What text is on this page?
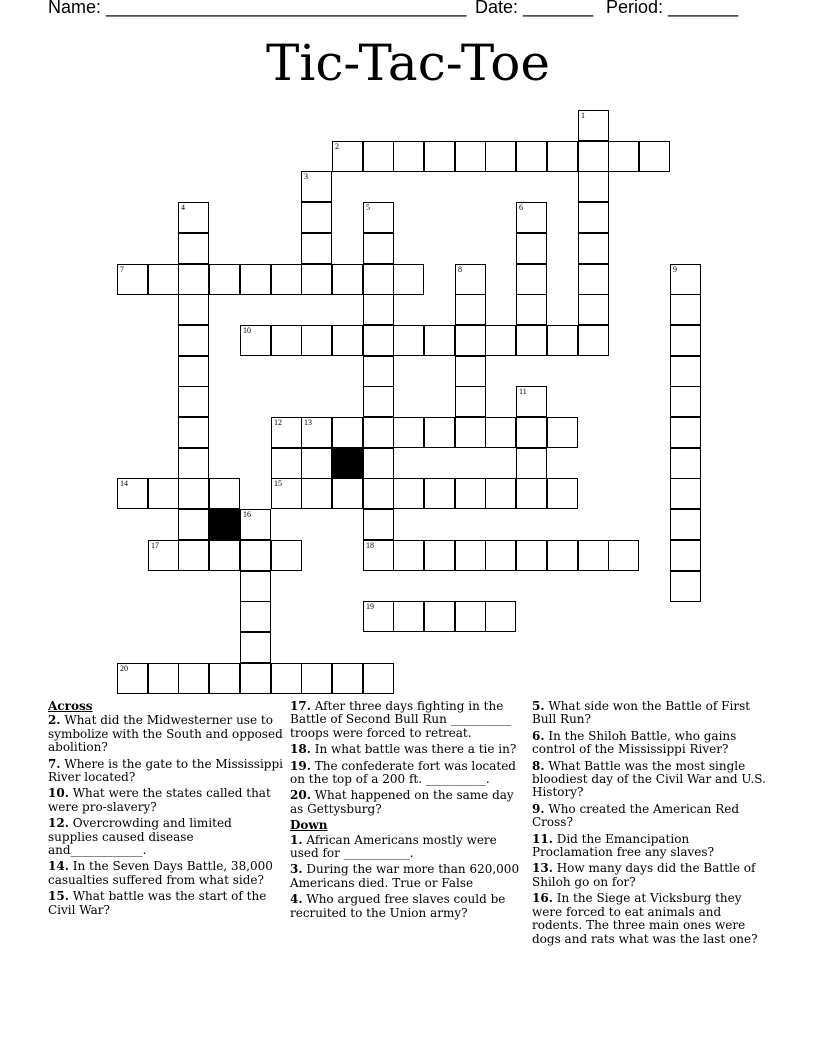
Name: ____________________________________ Date: _______ Period: _______
Tic-Tac-Toe
1
3
4	5	6
8	9
11
13
16
2
7
10
12
14	15
17	18
19
20
Across
2. What did the Midwesterner use to symbolize with the South and opposed abolition?
7. Where is the gate to the Mississippi River located?
10. What were the states called that were pro-slavery?
12. Overcrowding and limited supplies caused disease and____________.
14. In the Seven Days Battle, 38,000 casualties suffered from what side?
15. What battle was the start of the Civil War?
17. After three days fighting in the Battle of Second Bull Run __________ troops were forced to retreat.
18. In what battle was there a tie in?
19. The confederate fort was located on the top of a 200 ft. __________.
20. What happened on the same day as Gettysburg?
Down
1. African Americans mostly were used for ___________.
3. During the war more than 620,000 Americans died. True or False
4. Who argued free slaves could be recruited to the Union army?
5. What side won the Battle of First Bull Run?
6. In the Shiloh Battle, who gains control of the Mississippi River?
8. What Battle was the most single bloodiest day of the Civil War and U.S. History?
9. Who created the American Red Cross?
11. Did the Emancipation Proclamation free any slaves?
13. How many days did the Battle of Shiloh go on for?
16. In the Siege at Vicksburg they were forced to eat animals and rodents. The three main ones were dogs and rats what was the last one?
